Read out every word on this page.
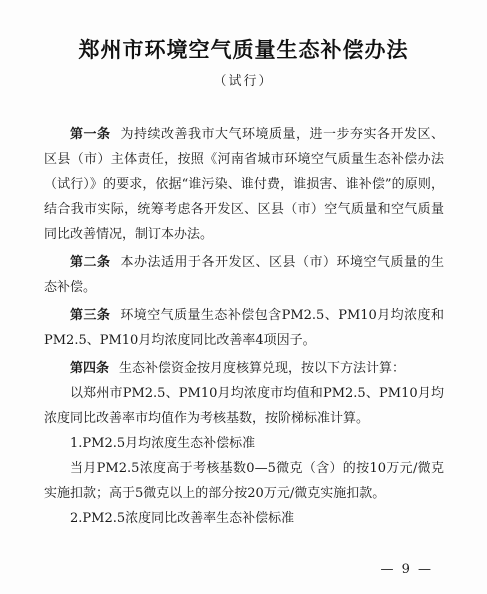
郑州市环境空气质量生态补偿办法
（试行）

第一条 为持续改善我市大气环境质量，进一步夯实各开发区、区县（市）主体责任，按照《河南省城市环境空气质量生态补偿办法（试行）》的要求，依据“谁污染、谁付费，谁损害、谁补偿”的原则，结合我市实际，统筹考虑各开发区、区县（市）空气质量和空气质量同比改善情况，制订本办法。

第二条 本办法适用于各开发区、区县（市）环境空气质量的生态补偿。

第三条 环境空气质量生态补偿包含PM2.5、PM10月均浓度和PM2.5、PM10月均浓度同比改善率4项因子。

第四条 生态补偿资金按月度核算兑现，按以下方法计算：

以郑州市PM2.5、PM10月均浓度市均值和PM2.5、PM10月均浓度同比改善率市均值作为考核基数，按阶梯标准计算。

1.PM2.5月均浓度生态补偿标准

当月PM2.5浓度高于考核基数0—5微克（含）的按10万元/微克实施扣款；高于5微克以上的部分按20万元/微克实施扣款。

2.PM2.5浓度同比改善率生态补偿标准

— 9 —
